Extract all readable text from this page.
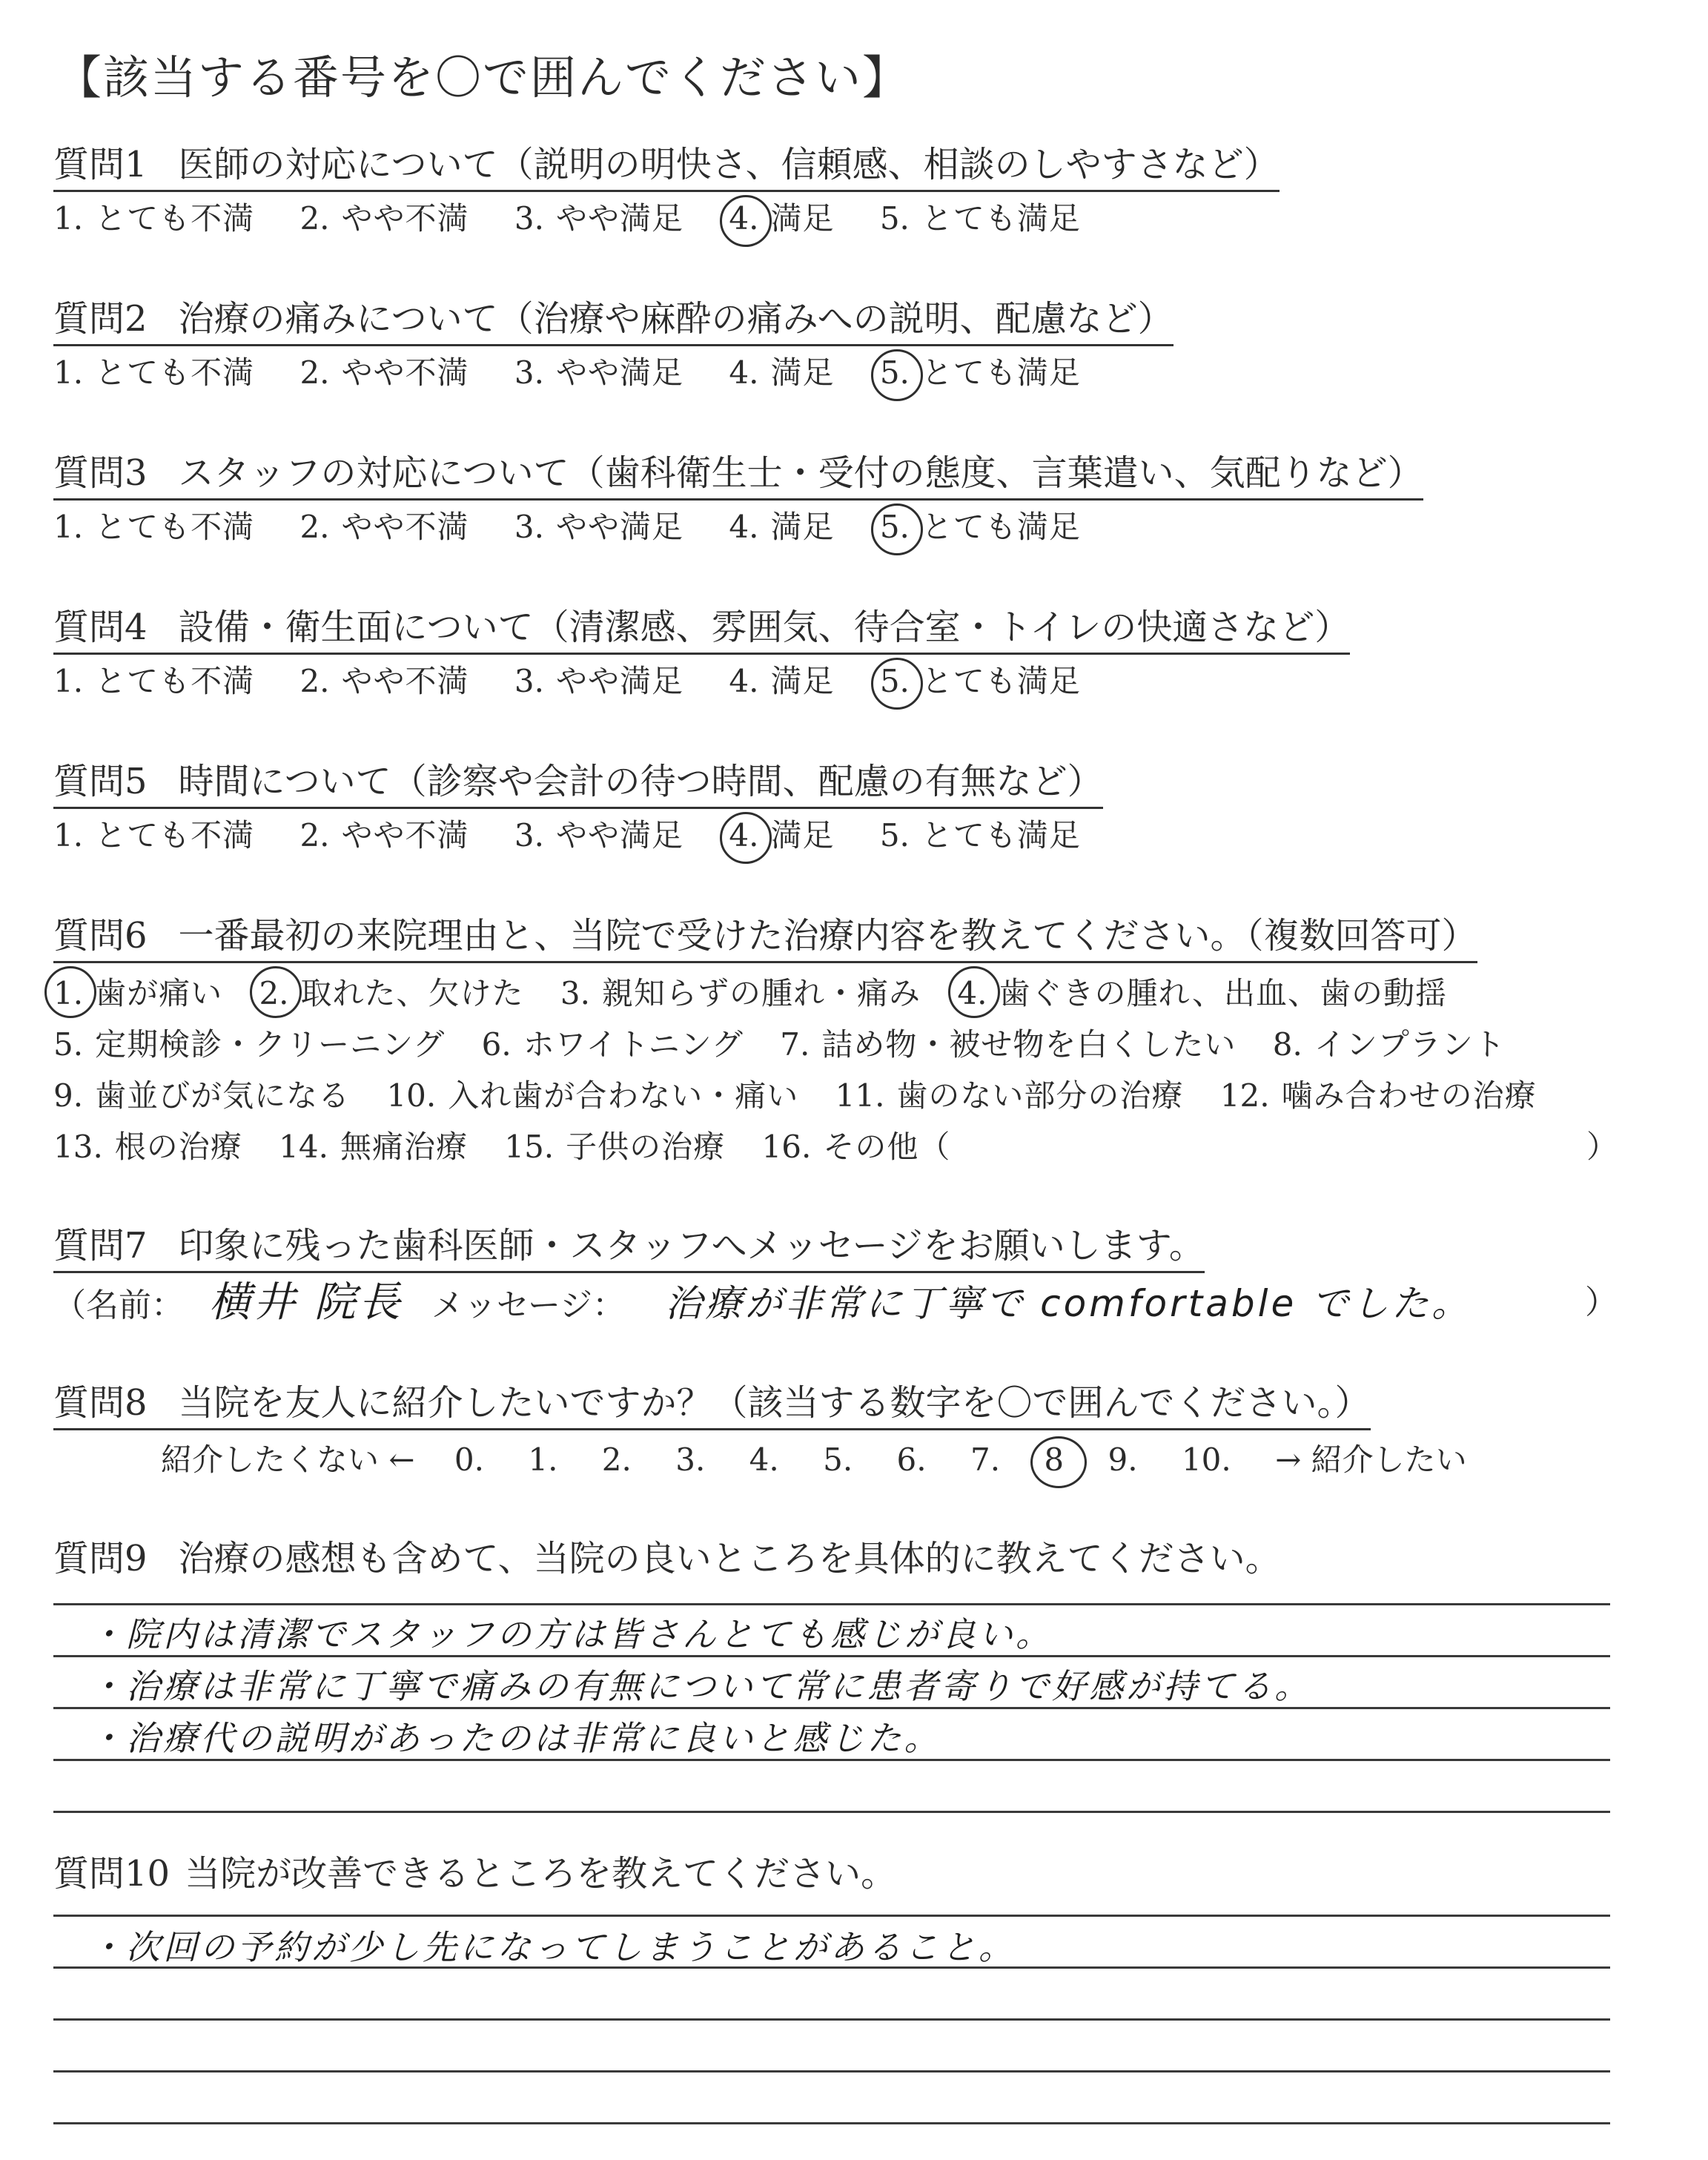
【該当する番号を〇で囲んでください】
質問1 医師の対応について（説明の明快さ、信頼感、相談のしやすさなど）
1. とても不満 2. やや不満 3. やや満足 4. 満足 5. とても満足
質問2 治療の痛みについて（治療や麻酔の痛みへの説明、配慮など）
1. とても不満 2. やや不満 3. やや満足 4. 満足 5. とても満足
質問3 スタッフの対応について（歯科衛生士・受付の態度、言葉遣い、気配りなど）
1. とても不満 2. やや不満 3. やや満足 4. 満足 5. とても満足
質問4 設備・衛生面について（清潔感、雰囲気、待合室・トイレの快適さなど）
1. とても不満 2. やや不満 3. やや満足 4. 満足 5. とても満足
質問5 時間について（診察や会計の待つ時間、配慮の有無など）
1. とても不満 2. やや不満 3. やや満足 4. 満足 5. とても満足
質問6 一番最初の来院理由と、当院で受けた治療内容を教えてください。（複数回答可）
1. 歯が痛い 2. 取れた、欠けた 3. 親知らずの腫れ・痛み 4. 歯ぐきの腫れ、出血、歯の動揺
5. 定期検診・クリーニング 6. ホワイトニング 7. 詰め物・被せ物を白くしたい 8. インプラント
9. 歯並びが気になる 10. 入れ歯が合わない・痛い 11. 歯のない部分の治療 12. 噛み合わせの治療
13. 根の治療 14. 無痛治療 15. 子供の治療 16. その他（	）
質問7 印象に残った歯科医師・スタッフへメッセージをお願いします。
（名前： 横井 院長 メッセージ： 治療が非常に丁寧で comfortable でした。	）
質問8 当院を友人に紹介したいですか？（該当する数字を〇で囲んでください。）
紹介したくない ← 0. 1. 2. 3. 4. 5. 6. 7. 8 9. 10. → 紹介したい
質問9 治療の感想も含めて、当院の良いところを具体的に教えてください。
・院内は清潔でスタッフの方は皆さんとても感じが良い。
・治療は非常に丁寧で痛みの有無について常に患者寄りで好感が持てる。
・治療代の説明があったのは非常に良いと感じた。
質問10 当院が改善できるところを教えてください。
・次回の予約が少し先になってしまうことがあること。
